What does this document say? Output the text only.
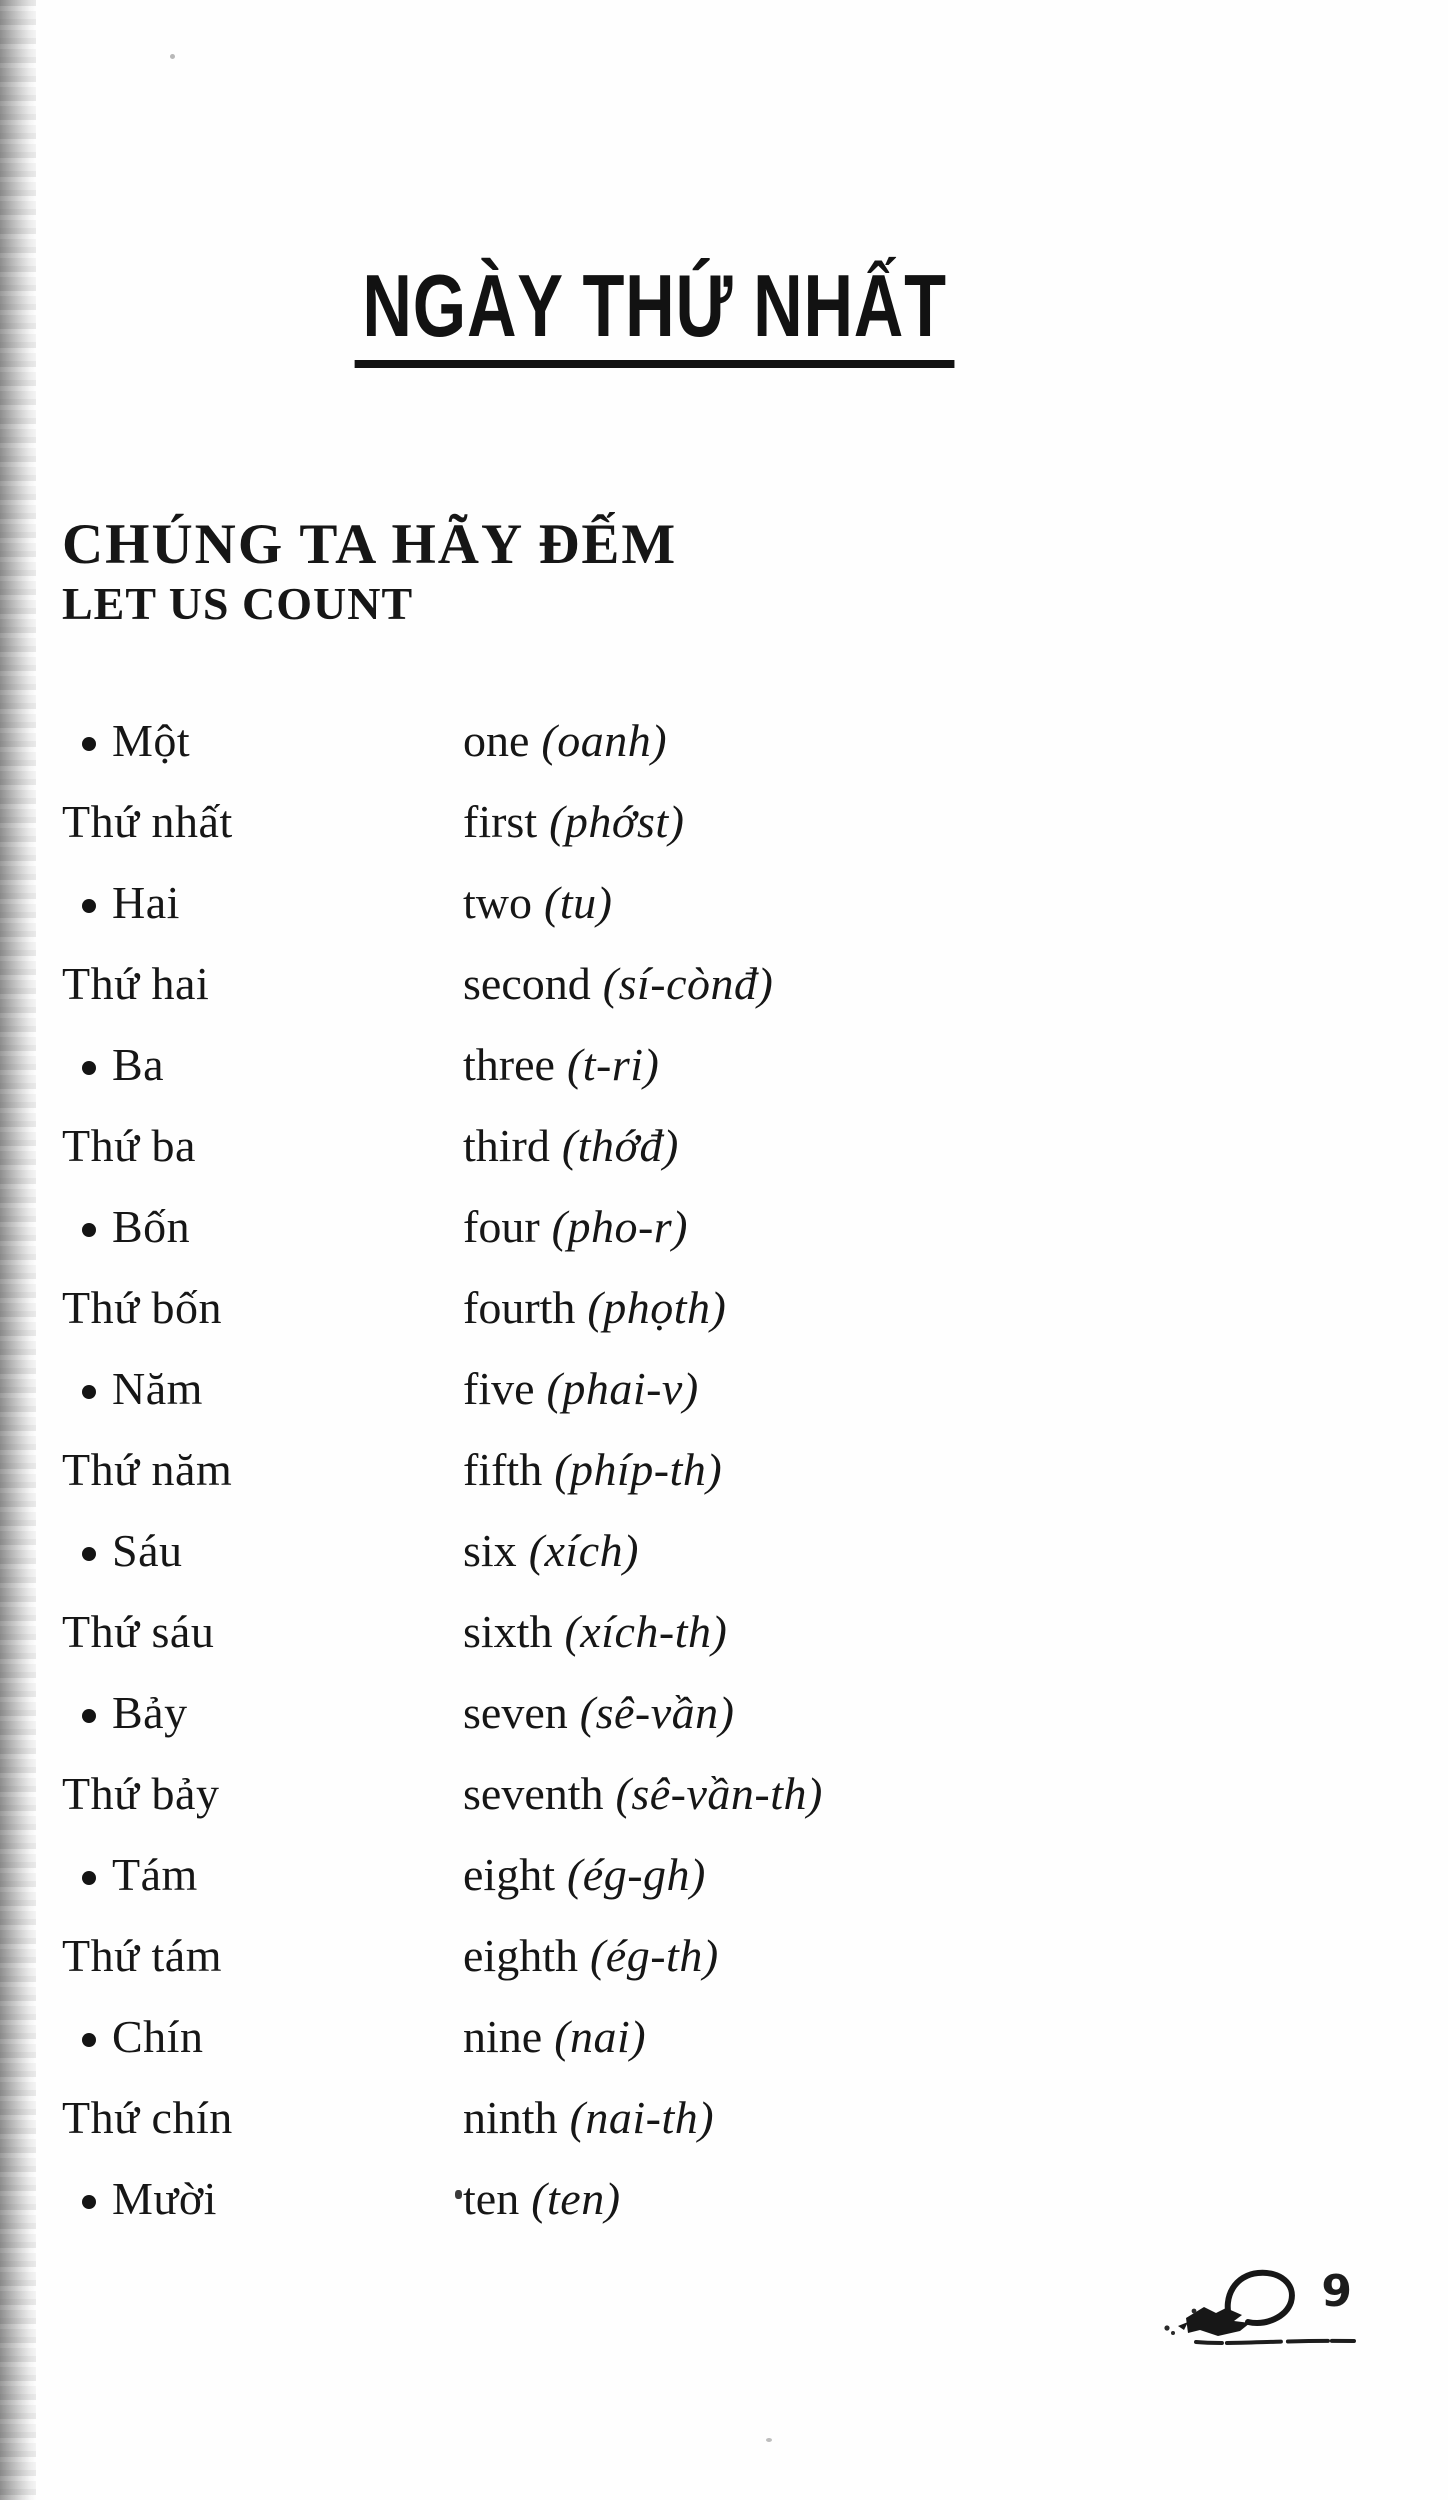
NGÀY THỨ NHẤT
CHÚNG TA HÃY ĐẾM
LET US COUNT
Một	one (oanh)
Thứ nhất	first (phớst)
Hai	two (tu)
Thứ hai	second (sí-cònđ)
Ba	three (t-ri)
Thứ ba	third (thớđ)
Bốn	four (pho-r)
Thứ bốn	fourth (phọth)
Năm	five (phai-v)
Thứ năm	fifth (phíp-th)
Sáu	six (xích)
Thứ sáu	sixth (xích-th)
Bảy	seven (sê-vần)
Thứ bảy	seventh (sê-vần-th)
Tám	eight (ég-gh)
Thứ tám	eighth (ég-th)
Chín	nine (nai)
Thứ chín	ninth (nai-th)
Mười	ten (ten)
9
